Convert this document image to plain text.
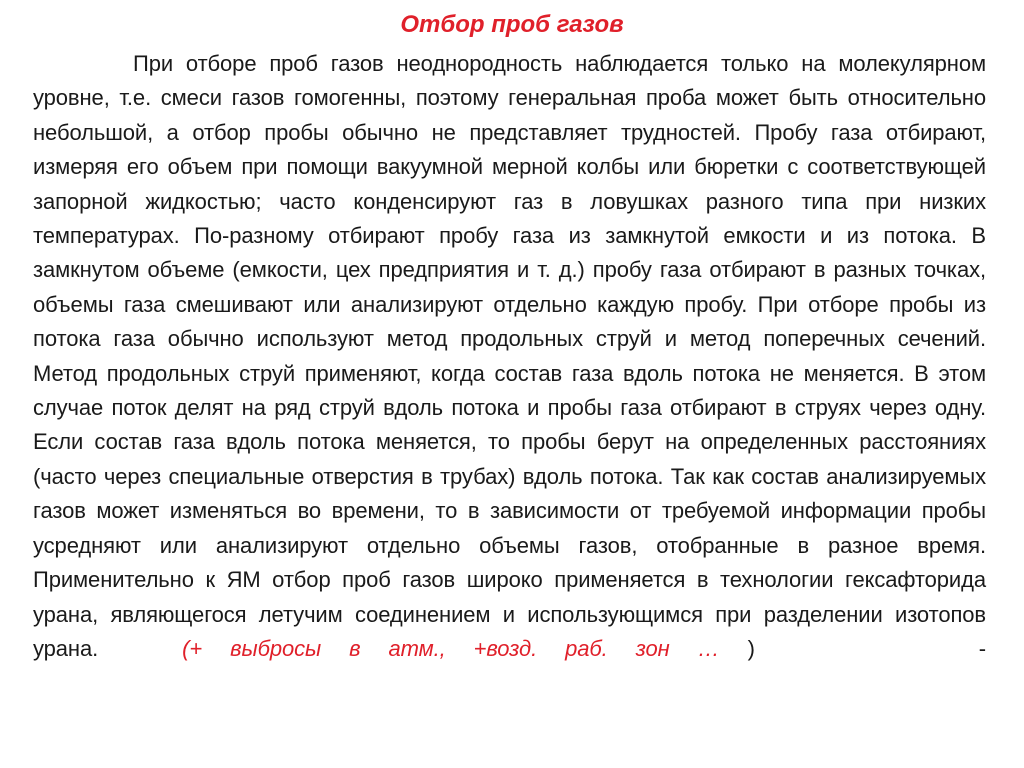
Отбор проб газов

При отборе проб газов неоднородность наблюдается только на молекулярном уровне, т.е. смеси газов гомогенны, поэтому генеральная проба может быть относительно небольшой, а отбор пробы обычно не представляет трудностей. Пробу газа отбирают, измеряя его объем при помощи вакуумной мерной колбы или бюретки с соответствующей запорной жидкостью; часто конденсируют газ в ловушках разного типа при низких температурах. По-разному отбирают пробу газа из замкнутой емкости и из потока. В замкнутом объеме (емкости, цех предприятия и т. д.) пробу газа отбирают в разных точках, объемы газа смешивают или анализируют отдельно каждую пробу. При отборе пробы из потока газа обычно используют метод продольных струй и метод поперечных сечений. Метод продольных струй применяют, когда состав газа вдоль потока не меняется. В этом случае поток делят на ряд струй вдоль потока и пробы газа отбирают в струях через одну. Если состав газа вдоль потока меняется, то пробы берут на определенных расстояниях (часто через специальные отверстия в трубах) вдоль потока. Так как состав анализируемых газов может изменяться во времени, то в зависимости от требуемой информации пробы усредняют или анализируют отдельно объемы газов, отобранные в разное время. Применительно к ЯМ отбор проб газов широко применяется в технологии гексафторида урана, являющегося летучим соединением и использующимся при разделении изотопов урана.	(+ выбросы в атм., +возд. раб. зон … )	-
